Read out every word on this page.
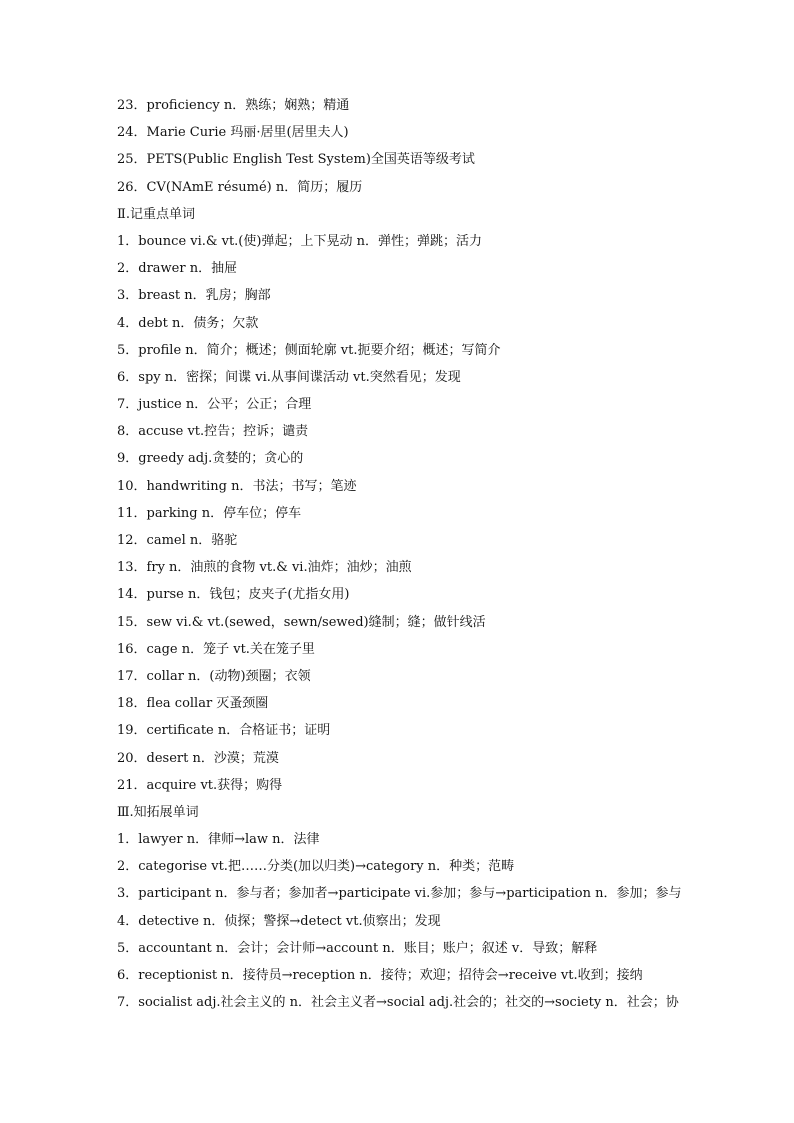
23．proficiency n．熟练；娴熟；精通
24．Marie Curie 玛丽·居里(居里夫人)
25．PETS(Public English Test System)全国英语等级考试
26．CV(NAmE résumé) n．简历；履历
Ⅱ.记重点单词
1．bounce vi.& vt.(使)弹起；上下晃动 n．弹性；弹跳；活力
2．drawer n．抽屉
3．breast n．乳房；胸部
4．debt n．债务；欠款
5．profile n．简介；概述；侧面轮廓 vt.扼要介绍；概述；写简介
6．spy n．密探；间谍 vi.从事间谍活动 vt.突然看见；发现
7．justice n．公平；公正；合理
8．accuse vt.控告；控诉；谴责
9．greedy adj.贪婪的；贪心的
10．handwriting n．书法；书写；笔迹
11．parking n．停车位；停车
12．camel n．骆驼
13．fry n．油煎的食物 vt.& vi.油炸；油炒；油煎
14．purse n．钱包；皮夹子(尤指女用)
15．sew vi.& vt.(sewed，sewn/sewed)缝制；缝；做针线活
16．cage n．笼子 vt.关在笼子里
17．collar n．(动物)颈圈；衣领
18．flea collar 灭蚤颈圈
19．certificate n．合格证书；证明
20．desert n．沙漠；荒漠
21．acquire vt.获得；购得
Ⅲ.知拓展单词
1．lawyer n．律师→law n．法律
2．categorise vt.把……分类(加以归类)→category n．种类；范畴
3．participant n．参与者；参加者→participate vi.参加；参与→participation n．参加；参与
4．detective n．侦探；警探→detect vt.侦察出；发现
5．accountant n．会计；会计师→account n．账目；账户；叙述 v．导致；解释
6．receptionist n．接待员→reception n．接待；欢迎；招待会→receive vt.收到；接纳
7．socialist adj.社会主义的 n．社会主义者→social adj.社会的；社交的→society n．社会；协
